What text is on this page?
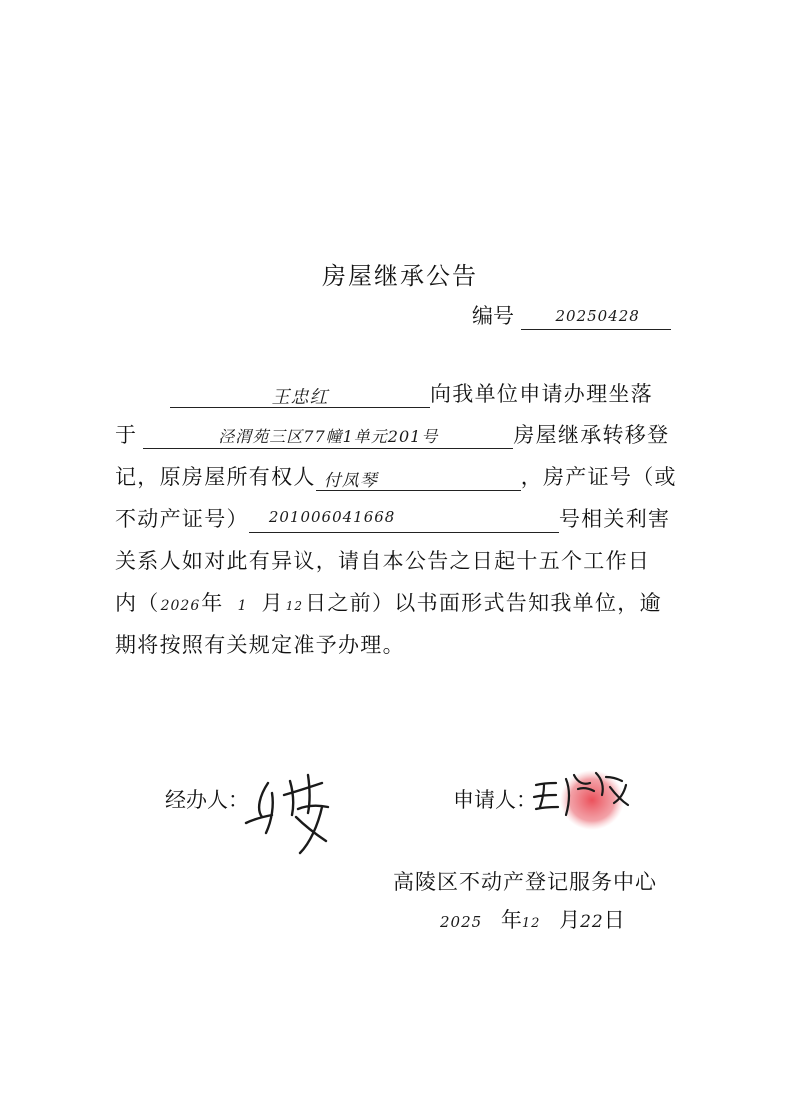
房屋继承公告
编号	20250428
王忠红	向我单位申请办理坐落
于	泾渭苑三区77幢1单元201号	房屋继承转移登
记，原房屋所有权人 付凤琴	，房产证号（或
不动产证号） 201006041668	号相关利害
关系人如对此有异议，请自本公告之日起十五个工作日
内（2026年 1 月 12日之前）以书面形式告知我单位，逾
期将按照有关规定准予办理。
经办人：	申请人：
高陵区不动产登记服务中心
2025 年12 月22日
